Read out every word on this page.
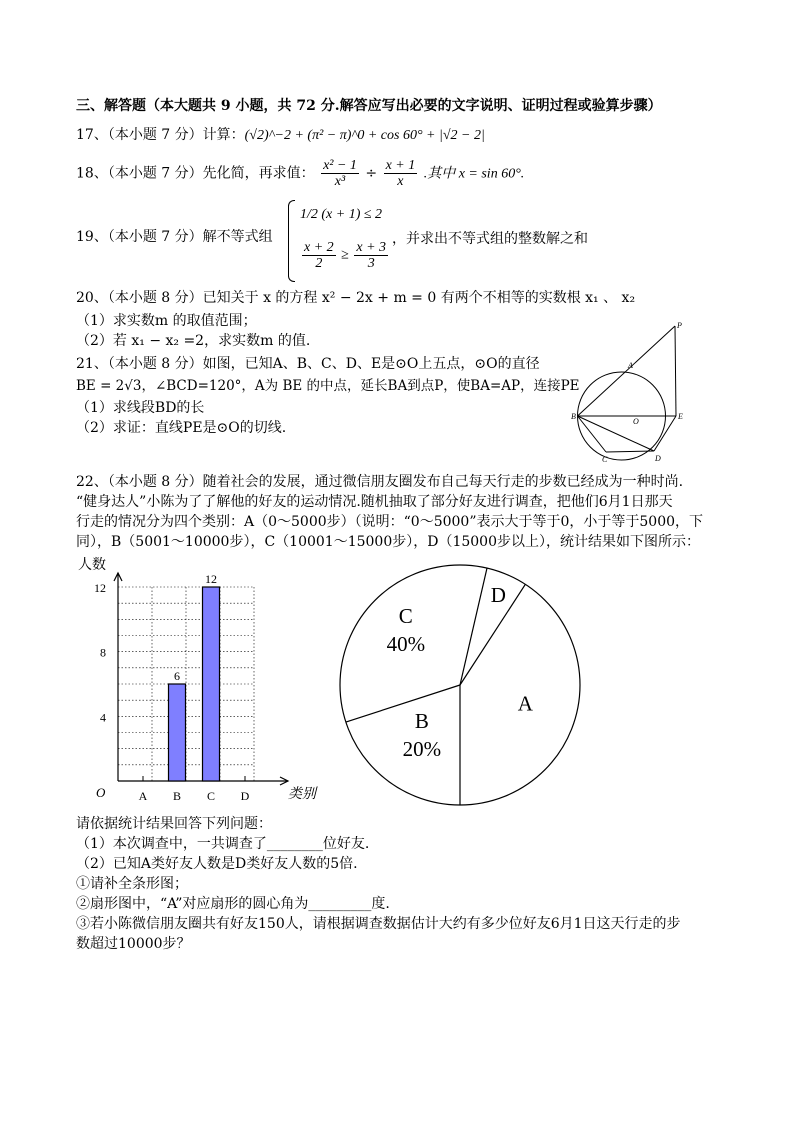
三、解答题（本大题共 9 小题，共 72 分.解答应写出必要的文字说明、证明过程或验算步骤）
17、（本小题 7 分）计算：(√2)^−2 + (π² − π)^0 + cos 60° + |√2 − 2|
18、（本小题 7 分）先化简，再求值： $\frac{\text{x² − 1}}{\text{x³}} \div \frac{x + 1}{x}$ .其中 x = sin 60°.
19、（本小题 7 分）解不等式组
1/2 (x + 1) ≤ 2
$\frac{x + 2}{2} \ge \frac{x + 3}{3}$
，并求出不等式组的整数解之和
20、（本小题 8 分）已知关于 x 的方程 x² − 2x + m = 0 有两个不相等的实数根 x₁ 、 x₂
（1）求实数m 的取值范围；
（2）若 x₁ − x₂ =2，求实数m 的值.
21、（本小题 8 分）如图，已知A、B、C、D、E是⊙O上五点，⊙O的直径
BE = 2√3，∠BCD=120°，A为 BE 的中点，延长BA到点P，使BA=AP，连接PE
（1）求线段BD的长
（2）求证：直线PE是⊙O的切线.
P
A
B	E
O
C	D
22、（本小题 8 分）随着社会的发展，通过微信朋友圈发布自己每天行走的步数已经成为一种时尚.
“健身达人”小陈为了了解他的好友的运动情况.随机抽取了部分好友进行调查，把他们6月1日那天
行走的情况分为四个类别：A（0～5000步）（说明：“0～5000”表示大于等于0，小于等于5000，下
同），B（5001～10000步），C（10001～15000步），D（15000步以上），统计结果如下图所示：
人数
类别
O
4
8
12
A B
6
C
12
D
A
B
20%
C
40%
D
请依据统计结果回答下列问题：
（1）本次调查中，一共调查了________位好友.
（2）已知A类好友人数是D类好友人数的5倍.
①请补全条形图；
②扇形图中，“A”对应扇形的圆心角为_________度.
③若小陈微信朋友圈共有好友150人，请根据调查数据估计大约有多少位好友6月1日这天行走的步
数超过10000步？
